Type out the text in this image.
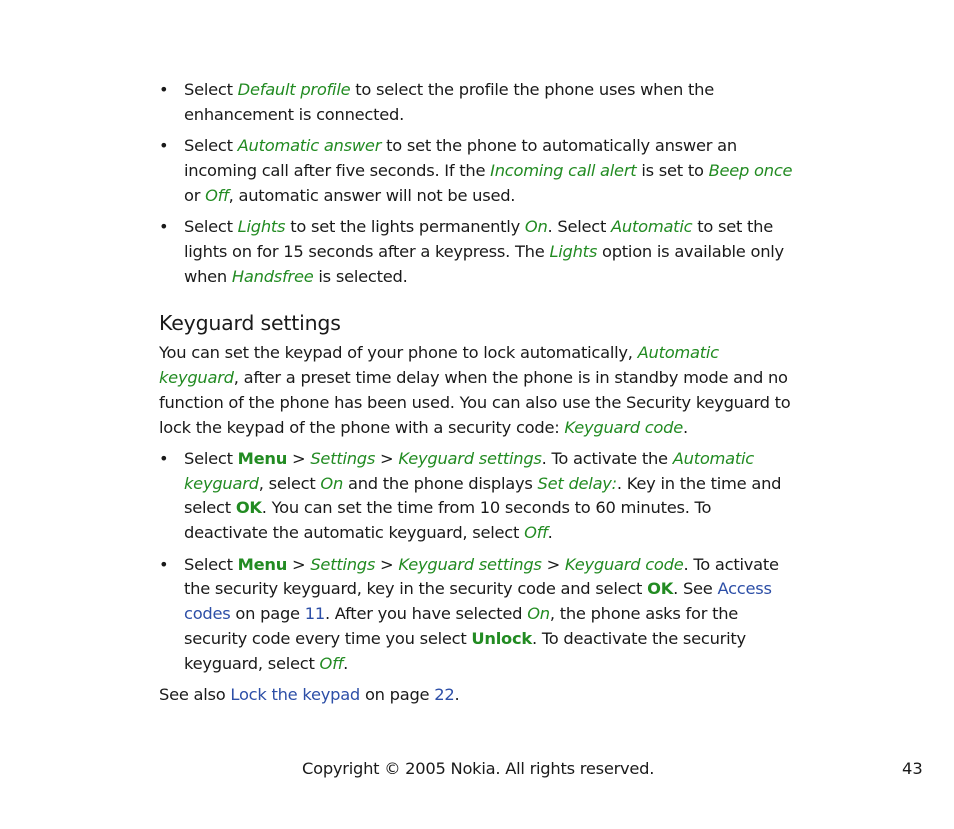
• Select Default profile to select the profile the phone uses when the enhancement is connected.
• Select Automatic answer to set the phone to automatically answer an incoming call after five seconds. If the Incoming call alert is set to Beep once or Off, automatic answer will not be used.
• Select Lights to set the lights permanently On. Select Automatic to set the lights on for 15 seconds after a keypress. The Lights option is available only when Handsfree is selected.
Keyguard settings

You can set the keypad of your phone to lock automatically, Automatic keyguard, after a preset time delay when the phone is in standby mode and no function of the phone has been used. You can also use the Security keyguard to lock the keypad of the phone with a security code: Keyguard code.

• Select Menu > Settings > Keyguard settings. To activate the Automatic keyguard, select On and the phone displays Set delay:. Key in the time and select OK. You can set the time from 10 seconds to 60 minutes. To deactivate the automatic keyguard, select Off.
• Select Menu > Settings > Keyguard settings > Keyguard code. To activate the security keyguard, key in the security code and select OK. See Access codes on page 11. After you have selected On, the phone asks for the security code every time you select Unlock. To deactivate the security keyguard, select Off.

See also Lock the keypad on page 22.

Copyright © 2005 Nokia. All rights reserved.	43
